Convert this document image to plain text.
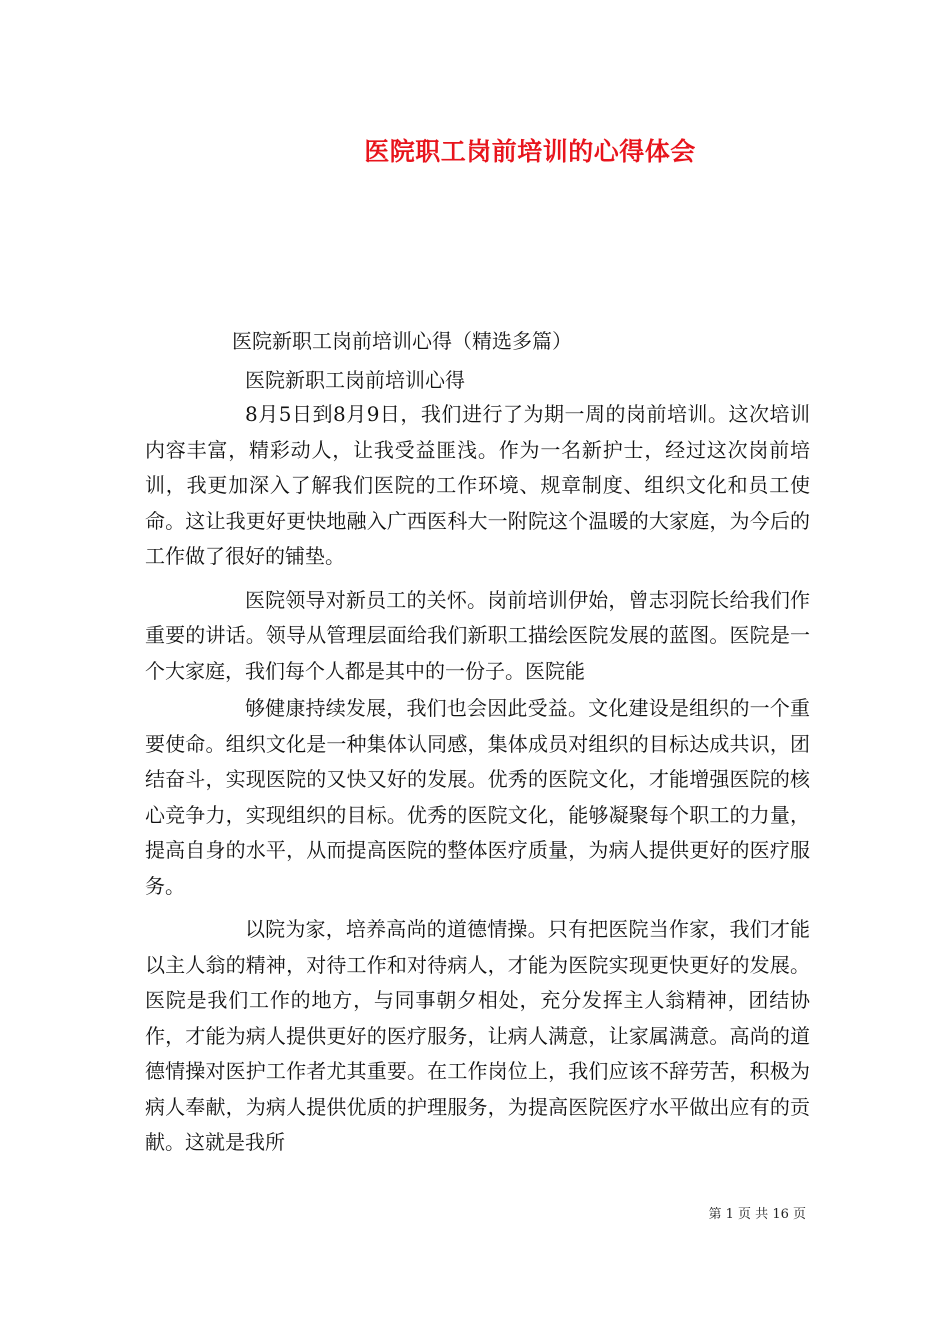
医院职工岗前培训的心得体会

医院新职工岗前培训心得（精选多篇）

医院新职工岗前培训心得

8月5日到8月9日，我们进行了为期一周的岗前培训。这次培训内容丰富，精彩动人，让我受益匪浅。作为一名新护士，经过这次岗前培训，我更加深入了解我们医院的工作环境、规章制度、组织文化和员工使命。这让我更好更快地融入广西医科大一附院这个温暖的大家庭，为今后的工作做了很好的铺垫。

医院领导对新员工的关怀。岗前培训伊始，曾志羽院长给我们作重要的讲话。领导从管理层面给我们新职工描绘医院发展的蓝图。医院是一个大家庭，我们每个人都是其中的一份子。医院能

够健康持续发展，我们也会因此受益。文化建设是组织的一个重要使命。组织文化是一种集体认同感，集体成员对组织的目标达成共识，团结奋斗，实现医院的又快又好的发展。优秀的医院文化，才能增强医院的核心竞争力，实现组织的目标。优秀的医院文化，能够凝聚每个职工的力量，提高自身的水平，从而提高医院的整体医疗质量，为病人提供更好的医疗服务。

以院为家，培养高尚的道德情操。只有把医院当作家，我们才能以主人翁的精神，对待工作和对待病人，才能为医院实现更快更好的发展。医院是我们工作的地方，与同事朝夕相处，充分发挥主人翁精神，团结协作，才能为病人提供更好的医疗服务，让病人满意，让家属满意。高尚的道德情操对医护工作者尤其重要。在工作岗位上，我们应该不辞劳苦，积极为病人奉献，为病人提供优质的护理服务，为提高医院医疗水平做出应有的贡献。这就是我所

第 1 页 共 16 页
